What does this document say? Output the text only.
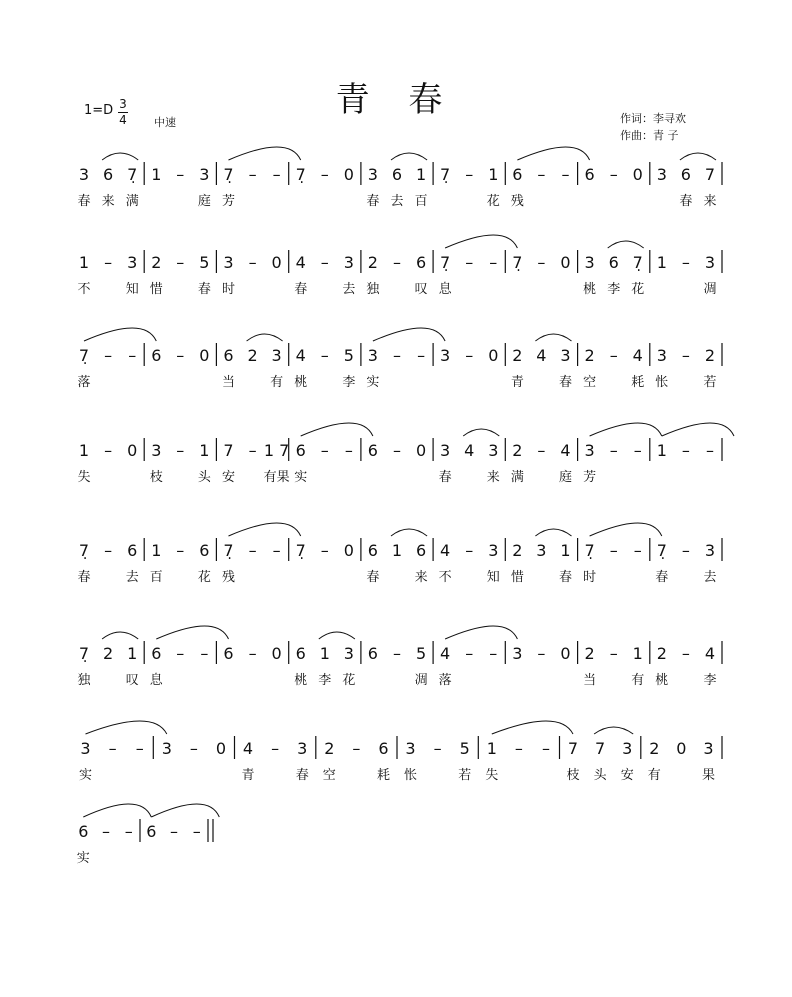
青 春
1=D 3
4 中速	作词：李寻欢
作曲：青 子
3
春
6
来
7̣
满
1 – 3
庭
7̣
芳
– – 7̣ – 0 3
春
6
去
1
百
7̣ – 1
花
6
残
– – 6 – 0 3 6
春
7
来
1
不
– 3
知
2
惜
– 5
春
3
时
– 0 4
春
– 3
去
2
独
– 6
叹
7̣
息
– – 7̣ – 0 3
桃
6
李
7̣
花
1 – 3
凋
7̣
落
– – 6 – 0 6
当
2 3
有
4
桃
– 5
李
3
实
– – 3 – 0 2
青
4 3
春
2
空
– 4
耗
3
怅
– 2
若
1
失
– 0 3
枝
– 1
头
7
安
– 1 7
有果
6
实
– – 6 – 0 3
春
4 3
来
2
满
– 4
庭
3
芳
– – 1 – –
7̣
春
– 6
去
1
百
– 6
花
7̣
残
– – 7̣ – 0 6
春
1 6
来
4
不
– 3
知
2
惜
3 1
春
7̣
时
– – 7̣
春
– 3
去
7̣
独
2 1
叹
6
息
– – 6 – 0 6
桃
1
李
3
花
6 – 5
凋
4
落
– – 3 – 0 2
当
– 1
有
2
桃
– 4
李
3
实
– – 3 – 0 4
青
– 3
春
2
空
– 6
耗
3
怅
– 5
若
1
失
– – 7
枝
7
头
3
安
2
有
0 3
果
6
实
– – 6 – –
